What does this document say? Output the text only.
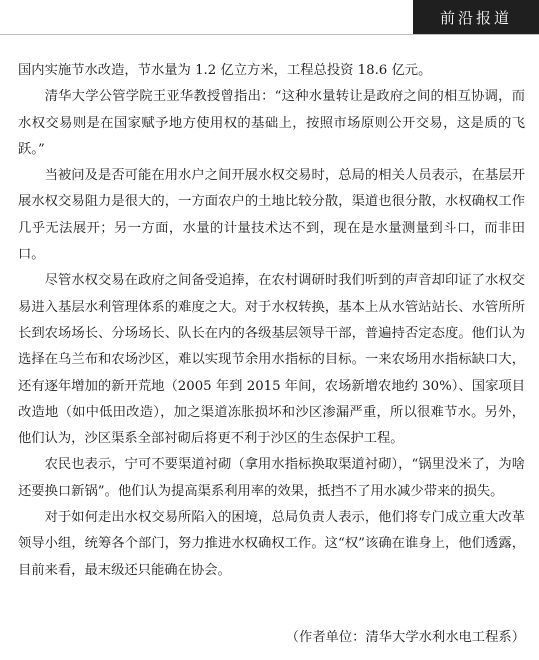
前沿报道

国内实施节水改造，节水量为 1.2 亿立方米，工程总投资 18.6 亿元。

清华大学公管学院王亚华教授曾指出：“这种水量转让是政府之间的相互协调，而水权交易则是在国家赋予地方使用权的基础上，按照市场原则公开交易，这是质的飞跃。”

当被问及是否可能在用水户之间开展水权交易时，总局的相关人员表示，在基层开展水权交易阻力是很大的，一方面农户的土地比较分散，渠道也很分散，水权确权工作几乎无法展开；另一方面，水量的计量技术达不到，现在是水量测量到斗口，而非田口。

尽管水权交易在政府之间备受追捧，在农村调研时我们听到的声音却印证了水权交易进入基层水利管理体系的难度之大。对于水权转换，基本上从水管站站长、水管所所长到农场场长、分场场长、队长在内的各级基层领导干部，普遍持否定态度。他们认为选择在乌兰布和农场沙区，难以实现节余用水指标的目标。一来农场用水指标缺口大，还有逐年增加的新开荒地（2005 年到 2015 年间，农场新增农地约 30%）、国家项目改造地（如中低田改造），加之渠道冻胀损坏和沙区渗漏严重，所以很难节水。另外，他们认为，沙区渠系全部衬砌后将更不利于沙区的生态保护工程。

农民也表示，宁可不要渠道衬砌（拿用水指标换取渠道衬砌），“锅里没米了，为啥还要换口新锅”。他们认为提高渠系利用率的效果，抵挡不了用水减少带来的损失。

对于如何走出水权交易所陷入的困境，总局负责人表示，他们将专门成立重大改革领导小组，统筹各个部门，努力推进水权确权工作。这“权”该确在谁身上，他们透露，目前来看，最末级还只能确在协会。

（作者单位：清华大学水利水电工程系）
